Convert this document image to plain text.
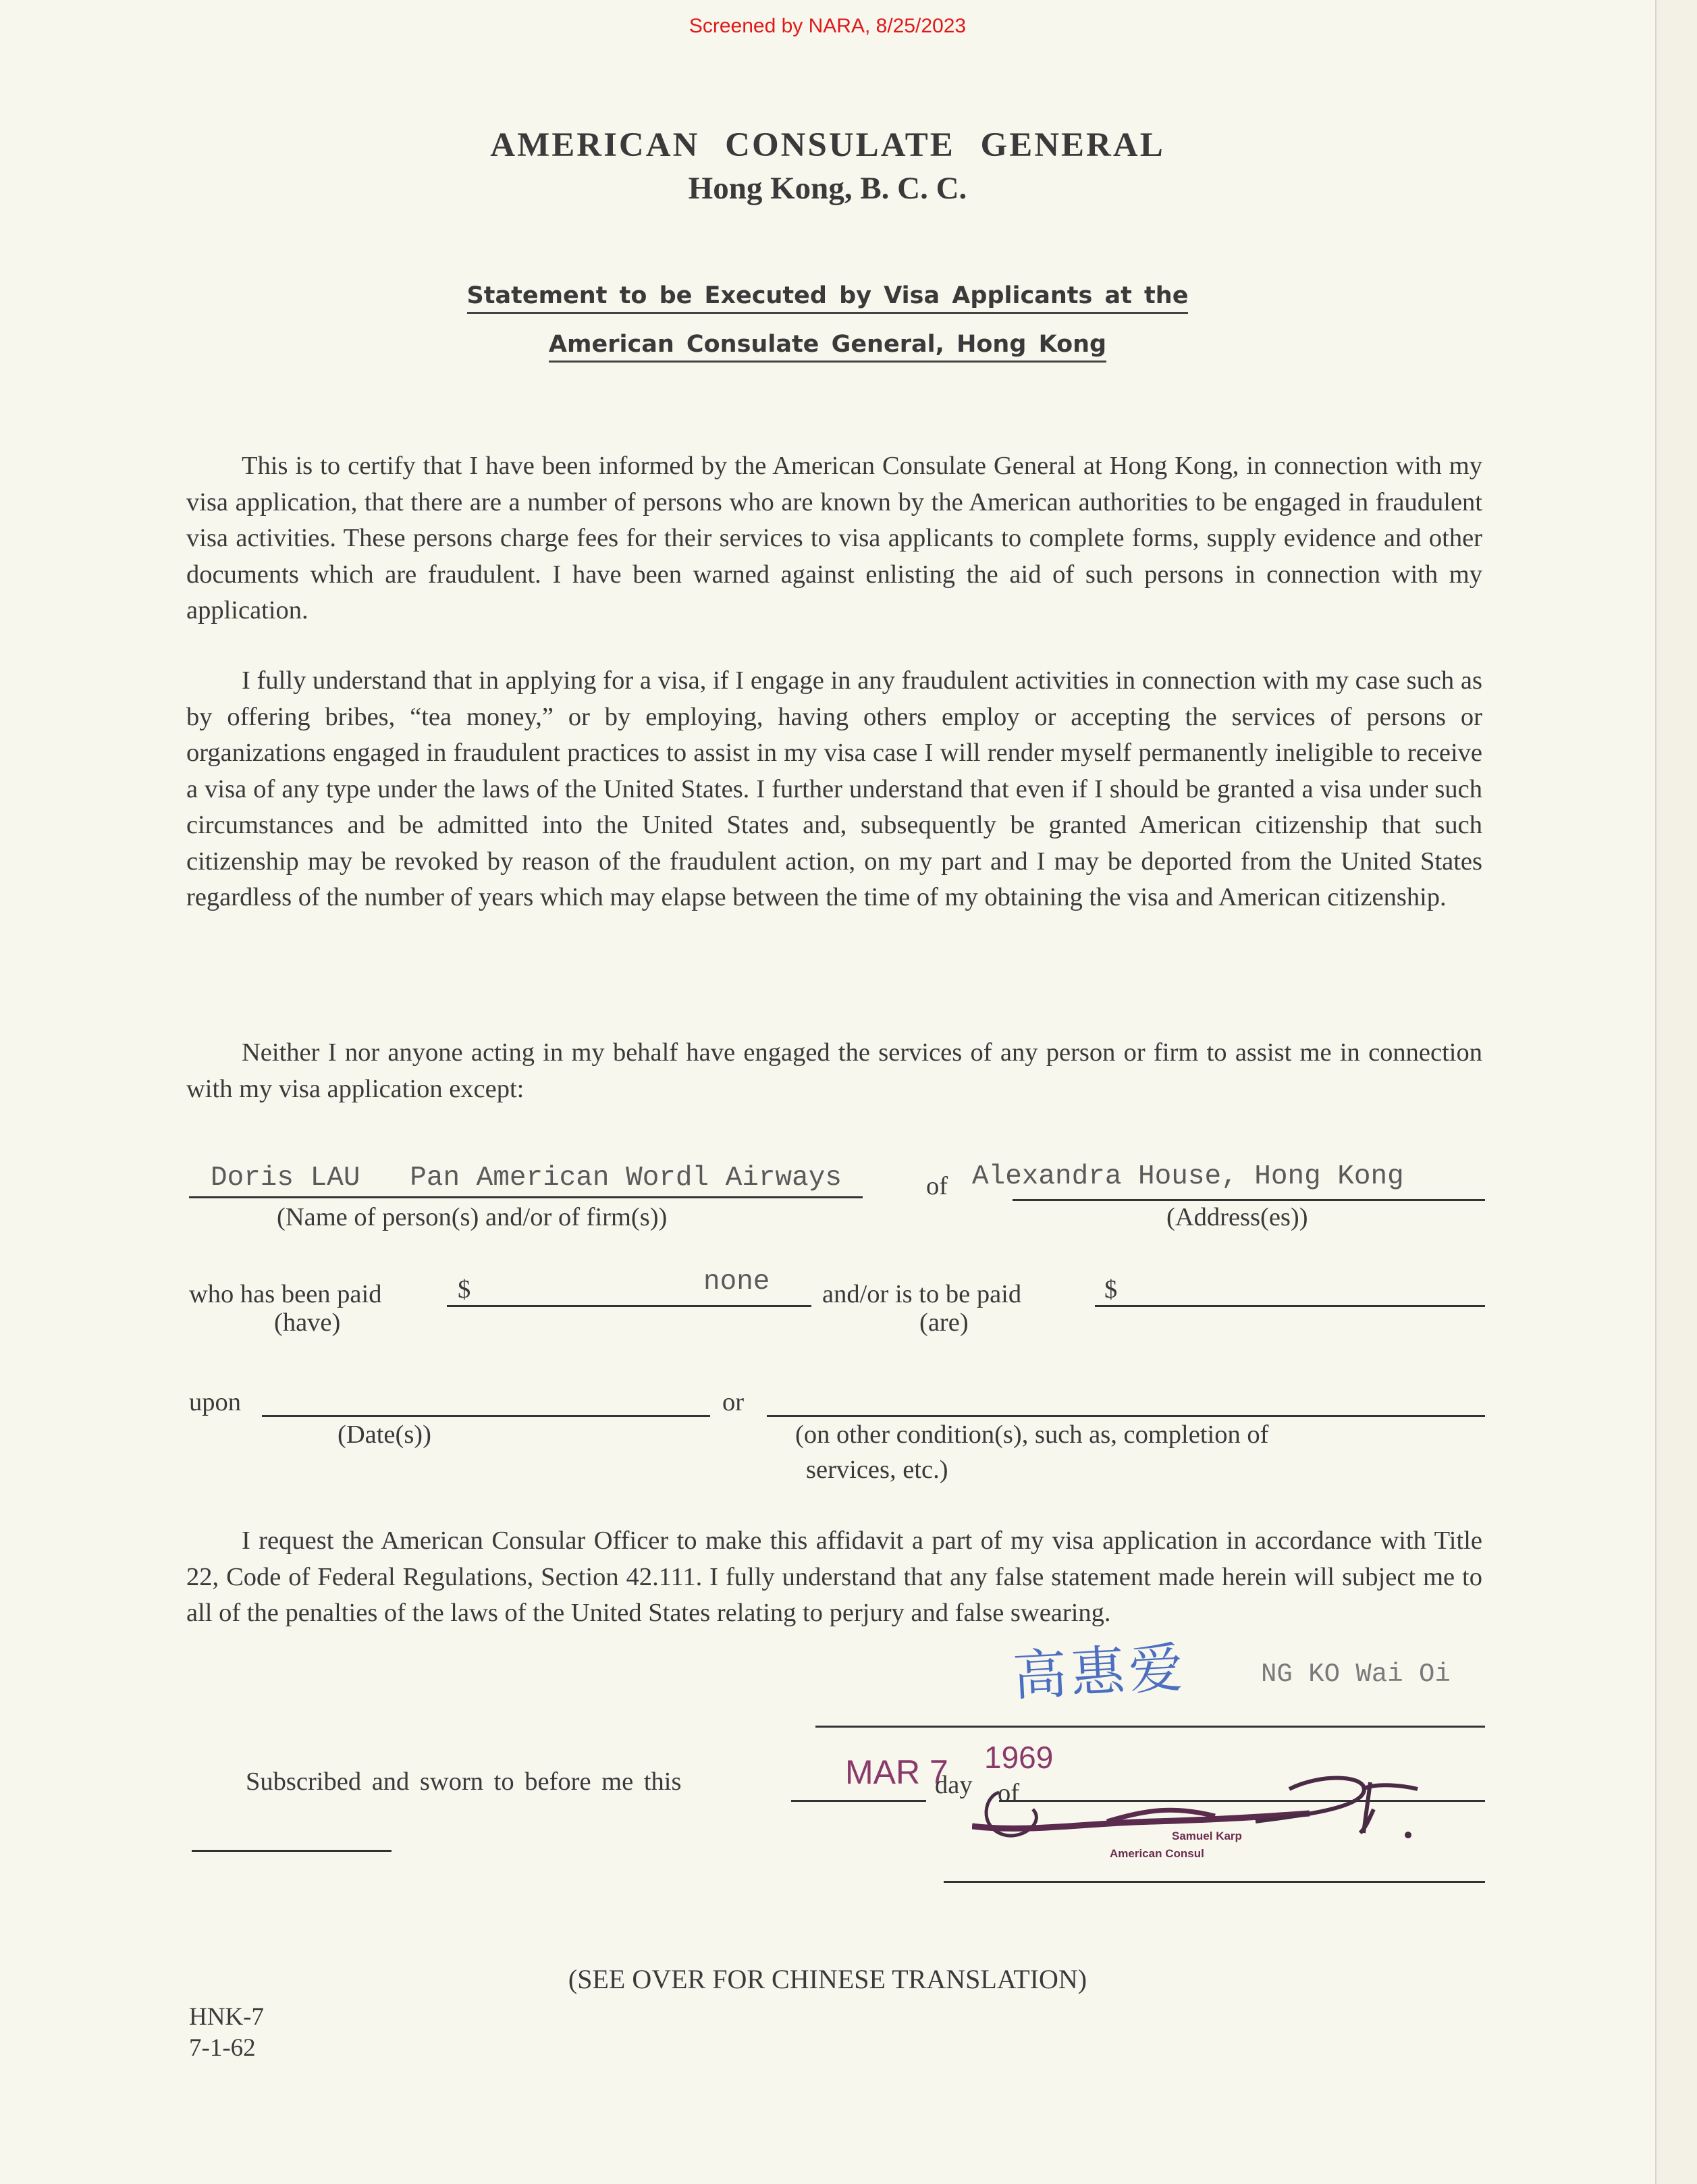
Screened by NARA, 8/25/2023
AMERICAN CONSULATE GENERAL
Hong Kong, B. C. C.
Statement to be Executed by Visa Applicants at the
American Consulate General, Hong Kong

This is to certify that I have been informed by the American Consulate General at Hong Kong, in connection with my visa application, that there are a number of persons who are known by the American authorities to be engaged in fraudulent visa activities. These persons charge fees for their services to visa applicants to complete forms, supply evidence and other documents which are fraudulent. I have been warned against enlisting the aid of such persons in connection with my application.

I fully understand that in applying for a visa, if I engage in any fraudulent activities in connection with my case such as by offering bribes, “tea money,” or by employing, having others employ or accepting the services of persons or organizations engaged in fraudulent practices to assist in my visa case I will render myself permanently ineligible to receive a visa of any type under the laws of the United States. I further understand that even if I should be granted a visa under such circumstances and be admitted into the United States and, subsequently be granted American citizenship that such citizenship may be revoked by reason of the fraudulent action, on my part and I may be deported from the United States regardless of the number of years which may elapse between the time of my obtaining the visa and American citizenship.

Neither I nor anyone acting in my behalf have engaged the services of any person or firm to assist me in connection with my visa application except:

Doris LAU   Pan American Wordl Airways
(Name of person(s) and/or of firm(s))
of Alexandra House, Hong Kong
(Address(es))
who has been paid
(have)
$	none and/or is to be paid
(are)
$
upon
(Date(s))
or
(on other condition(s), such as, completion of
services, etc.)

I request the American Consular Officer to make this affidavit a part of my visa application in accordance with Title 22, Code of Federal Regulations, Section 42.111. I fully understand that any false statement made herein will subject me to all of the penalties of the laws of the United States relating to perjury and false swearing.

高惠爱	NG KO Wai Oi
Subscribed and sworn to before me this	MAR 7 1969
day of
Samuel Karp
American Consul
(SEE OVER FOR CHINESE TRANSLATION)
HNK-7
7-1-62
